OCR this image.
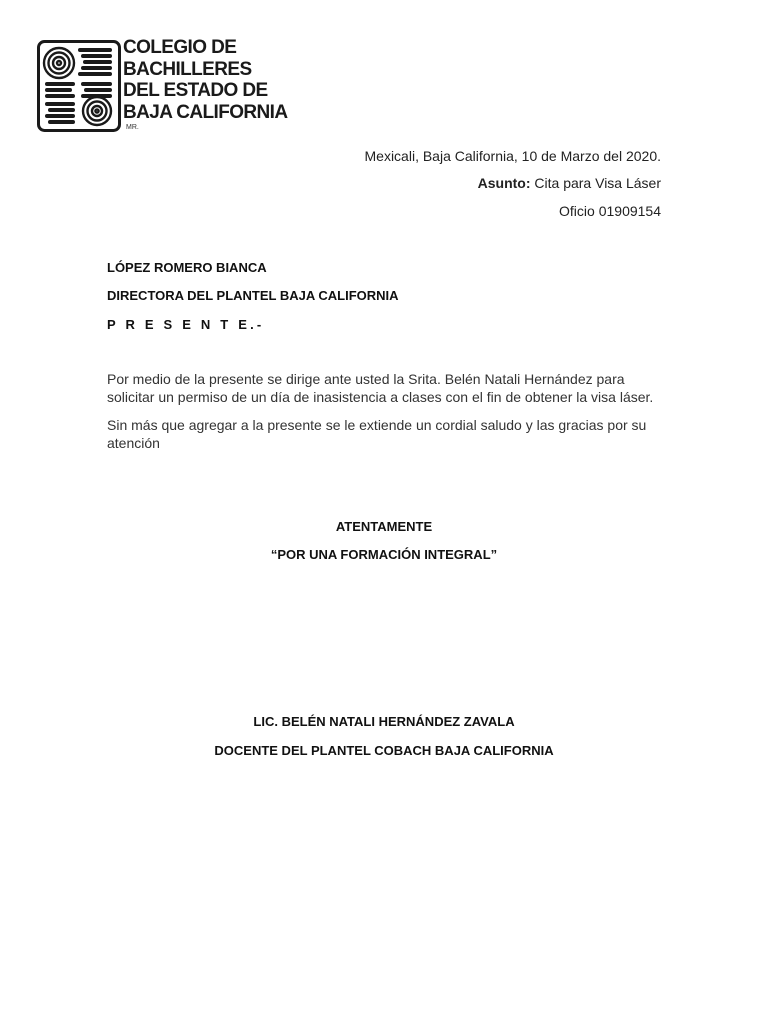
COLEGIO DE
BACHILLERES
DEL ESTADO DE
BAJA CALIFORNIA
MR.
Mexicali, Baja California, 10 de Marzo del 2020.
Asunto: Cita para Visa Láser
Oficio 01909154
LÓPEZ ROMERO BIANCA
DIRECTORA DEL PLANTEL BAJA CALIFORNIA
P R E S E N T E.-
Por medio de la presente se dirige ante usted la Srita. Belén Natali Hernández para solicitar un permiso de un día de inasistencia a clases con el fin de obtener la visa láser.
Sin más que agregar a la presente se le extiende un cordial saludo y las gracias por su atención
ATENTAMENTE
“POR UNA FORMACIÓN INTEGRAL”
LIC. BELÉN NATALI HERNÁNDEZ ZAVALA
DOCENTE DEL PLANTEL COBACH BAJA CALIFORNIA
